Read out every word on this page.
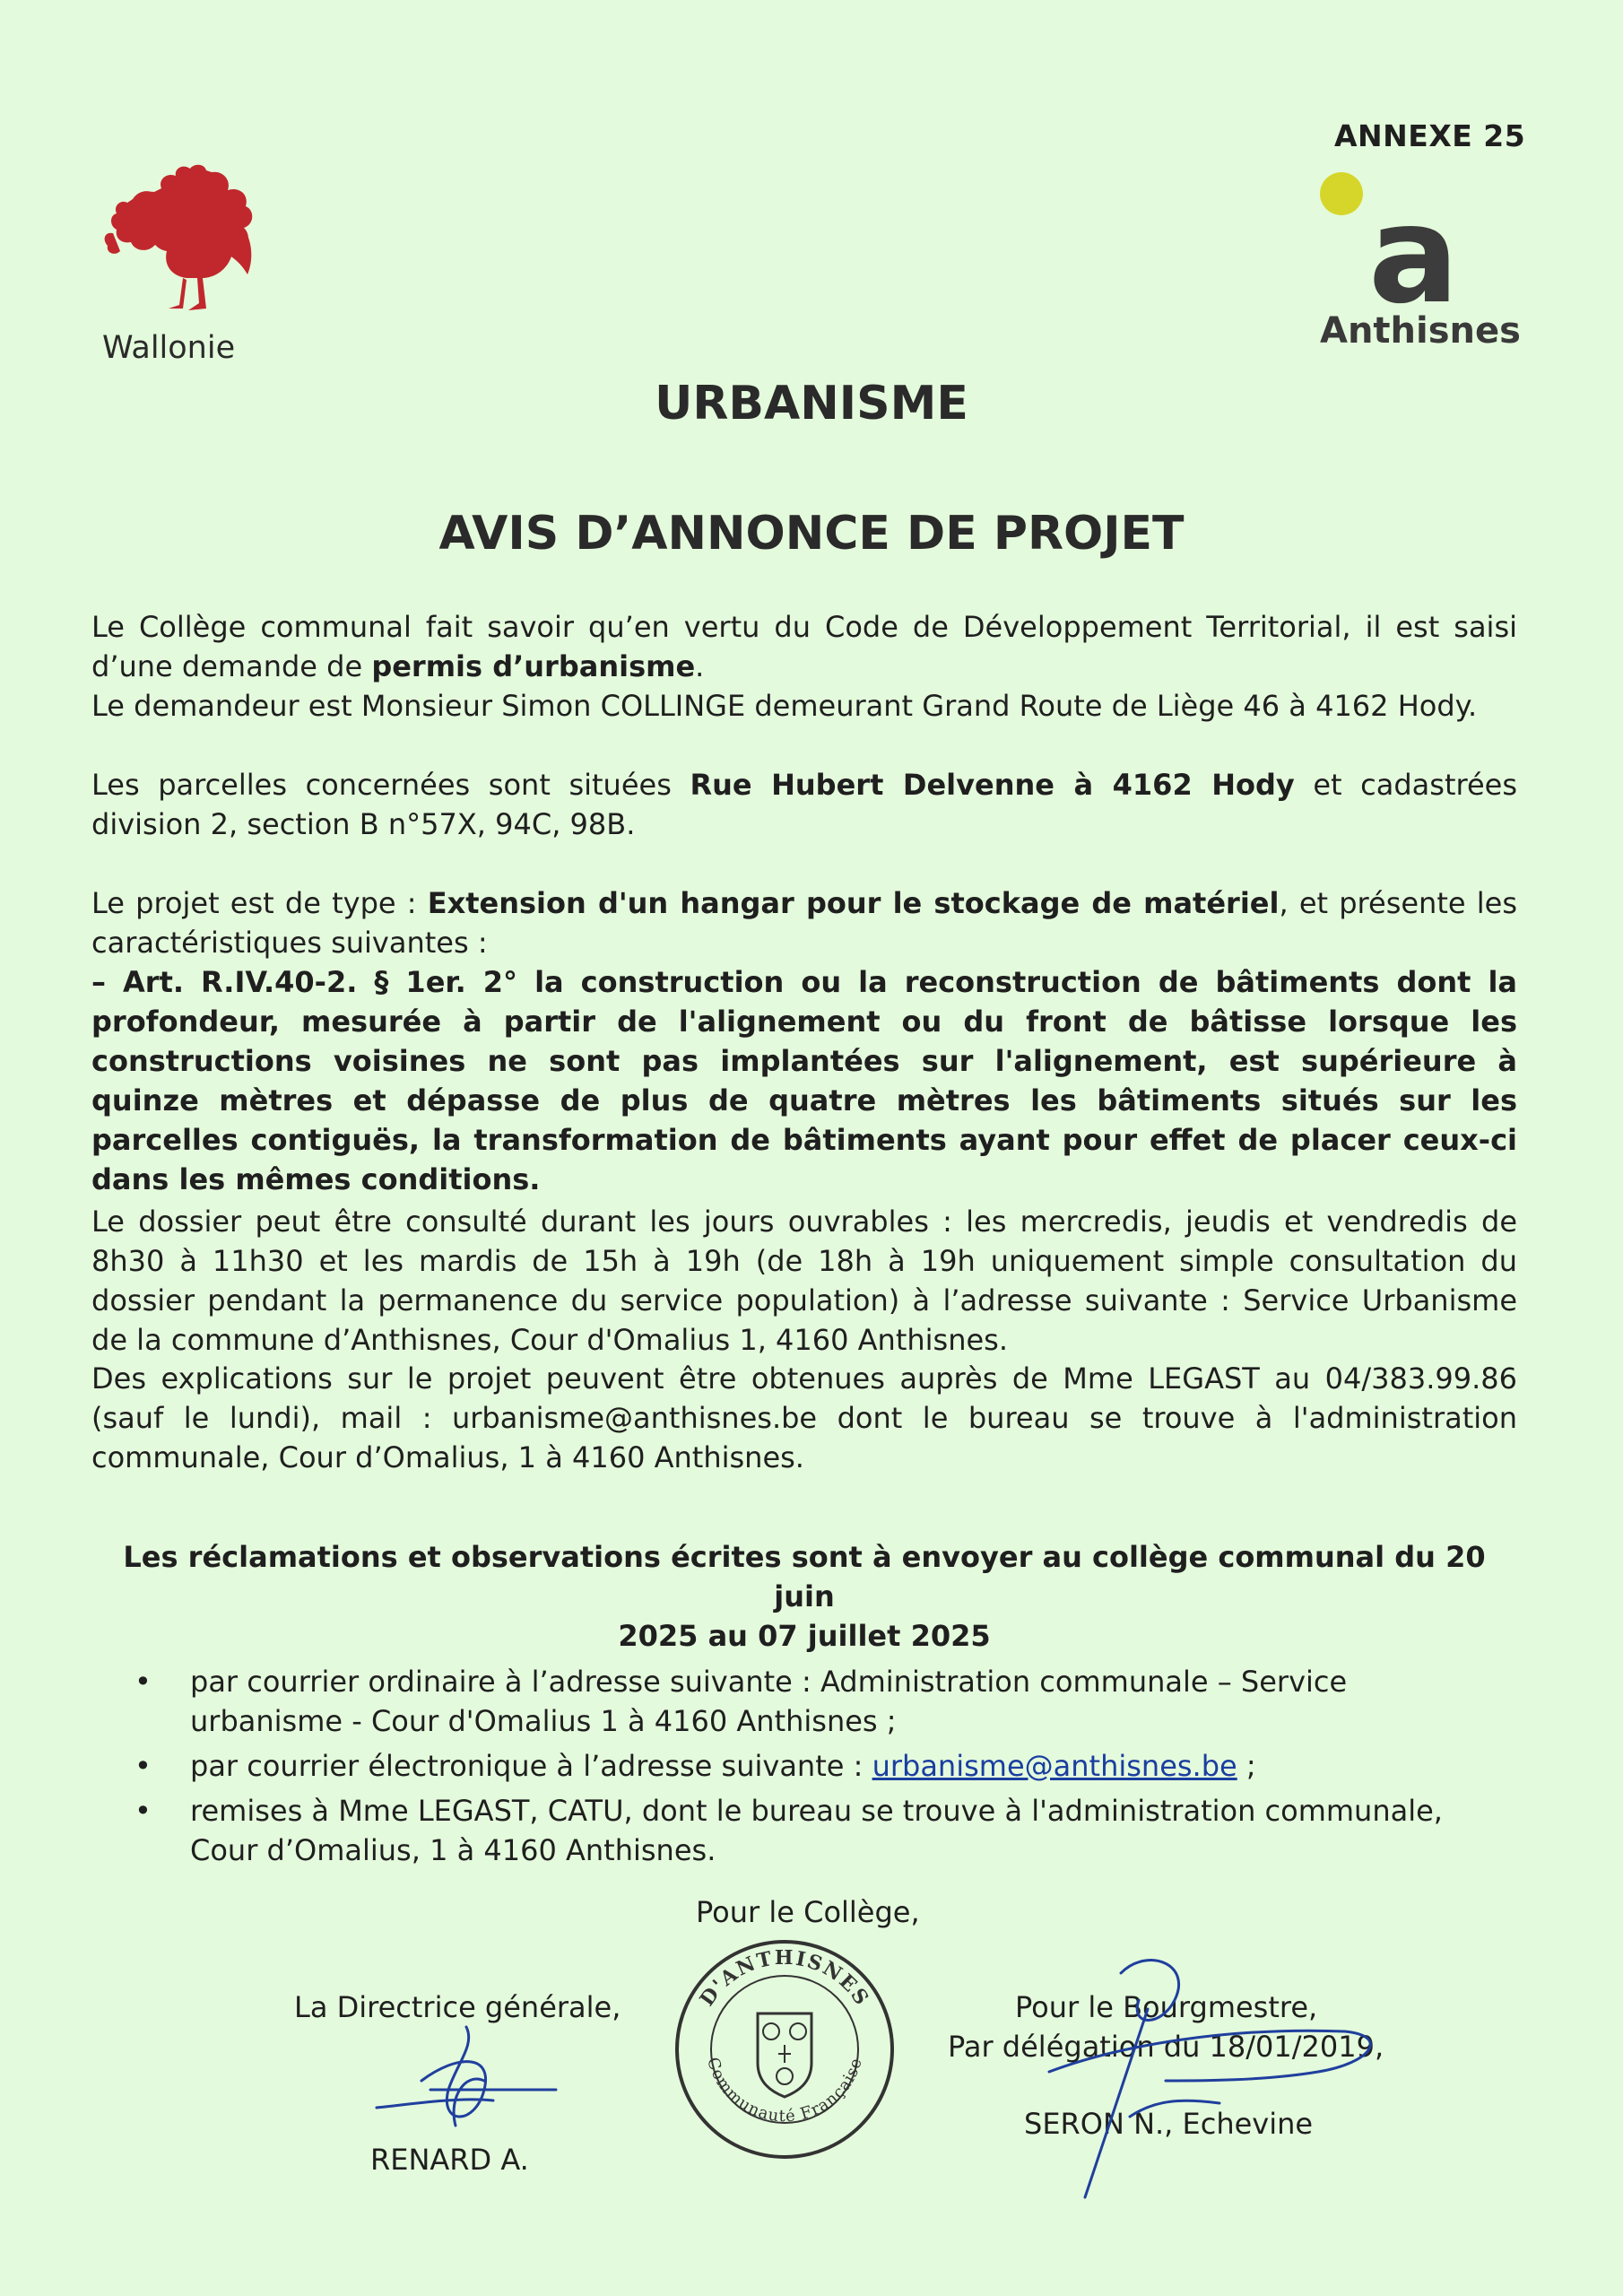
ANNEXE 25
Wallonie
a
Anthisnes
URBANISME
AVIS D’ANNONCE DE PROJET

Le Collège communal fait savoir qu’en vertu du Code de Développement Territorial, il est saisi d’une demande de permis d’urbanisme.

Le demandeur est Monsieur Simon COLLINGE demeurant Grand Route de Liège 46 à 4162 Hody.

Les parcelles concernées sont situées Rue Hubert Delvenne à 4162 Hody et cadastrées division 2, section B n°57X, 94C, 98B.

Le projet est de type : Extension d'un hangar pour le stockage de matériel, et présente les caractéristiques suivantes :

– Art. R.IV.40-2. § 1er. 2° la construction ou la reconstruction de bâtiments dont la profondeur, mesurée à partir de l'alignement ou du front de bâtisse lorsque les constructions voisines ne sont pas implantées sur l'alignement, est supérieure à quinze mètres et dépasse de plus de quatre mètres les bâtiments situés sur les parcelles contiguës, la transformation de bâtiments ayant pour effet de placer ceux-ci dans les mêmes conditions.

Le dossier peut être consulté durant les jours ouvrables : les mercredis, jeudis et vendredis de 8h30 à 11h30 et les mardis de 15h à 19h (de 18h à 19h uniquement simple consultation du dossier pendant la permanence du service population) à l’adresse suivante : Service Urbanisme de la commune d’Anthisnes, Cour d'Omalius 1, 4160 Anthisnes.
Des explications sur le projet peuvent être obtenues auprès de Mme LEGAST au 04/383.99.86 (sauf le lundi), mail : urbanisme@anthisnes.be dont le bureau se trouve à l'administration communale, Cour d’Omalius, 1 à 4160 Anthisnes.
Les réclamations et observations écrites sont à envoyer au collège communal du 20 juin
2025 au 07 juillet 2025
• par courrier ordinaire à l’adresse suivante : Administration communale – Service urbanisme - Cour d'Omalius 1 à 4160 Anthisnes ;
• par courrier électronique à l’adresse suivante : urbanisme@anthisnes.be ;
• remises à Mme LEGAST, CATU, dont le bureau se trouve à l'administration communale, Cour d’Omalius, 1 à 4160 Anthisnes.
Pour le Collège,
La Directrice générale,
RENARD A.
Pour le Bourgmestre,
Par délégation du 18/01/2019,
SERON N., Echevine
D'ANTHISNES
Communauté Française
